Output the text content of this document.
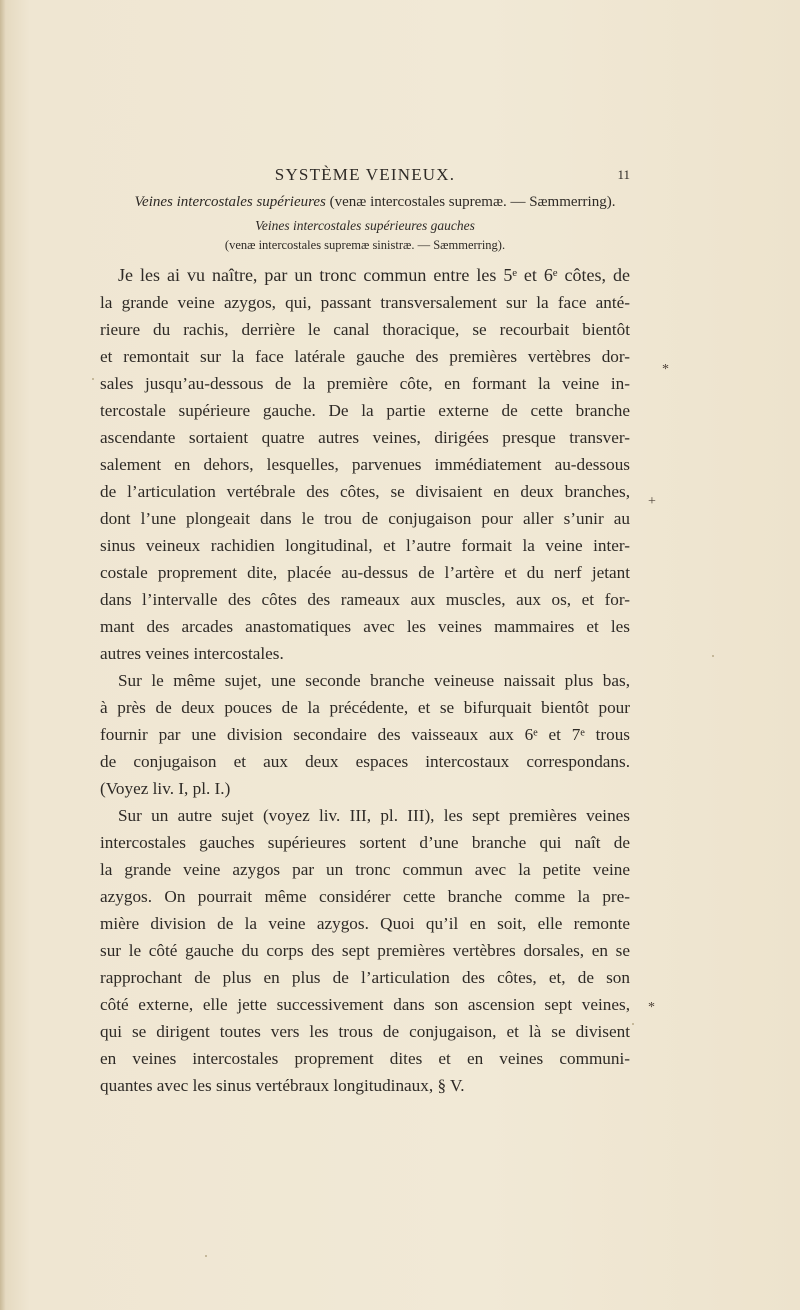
SYSTÈME VEINEUX.	11
Veines intercostales supérieures (venæ intercostales supremæ. — Sæmmerring).
Veines intercostales supérieures gauches
(venæ intercostales supremæ sinistræ. — Sæmmerring).
Je les ai vu naître, par un tronc commun entre les 5ᵉ et 6ᵉ côtes, de
la grande veine azygos, qui, passant transversalement sur la face anté-
rieure du rachis, derrière le canal thoracique, se recourbait bientôt
et remontait sur la face latérale gauche des premières vertèbres dor-
sales jusqu’au-dessous de la première côte, en formant la veine in-
tercostale supérieure gauche. De la partie externe de cette branche
ascendante sortaient quatre autres veines, dirigées presque transver-
salement en dehors, lesquelles, parvenues immédiatement au-dessous
de l’articulation vertébrale des côtes, se divisaient en deux branches,
dont l’une plongeait dans le trou de conjugaison pour aller s’unir au
sinus veineux rachidien longitudinal, et l’autre formait la veine inter-
costale proprement dite, placée au-dessus de l’artère et du nerf jetant
dans l’intervalle des côtes des rameaux aux muscles, aux os, et for-
mant des arcades anastomatiques avec les veines mammaires et les
autres veines intercostales.
Sur le même sujet, une seconde branche veineuse naissait plus bas,
à près de deux pouces de la précédente, et se bifurquait bientôt pour
fournir par une division secondaire des vaisseaux aux 6ᵉ et 7ᵉ trous
de conjugaison et aux deux espaces intercostaux correspondans.
(Voyez liv. I, pl. I.)
Sur un autre sujet (voyez liv. III, pl. III), les sept premières veines
intercostales gauches supérieures sortent d’une branche qui naît de
la grande veine azygos par un tronc commun avec la petite veine
azygos. On pourrait même considérer cette branche comme la pre-
mière division de la veine azygos. Quoi qu’il en soit, elle remonte
sur le côté gauche du corps des sept premières vertèbres dorsales, en se
rapprochant de plus en plus de l’articulation des côtes, et, de son
côté externe, elle jette successivement dans son ascension sept veines,
qui se dirigent toutes vers les trous de conjugaison, et là se divisent
en veines intercostales proprement dites et en veines communi-
quantes avec les sinus vertébraux longitudinaux, § V.
*
+
*
